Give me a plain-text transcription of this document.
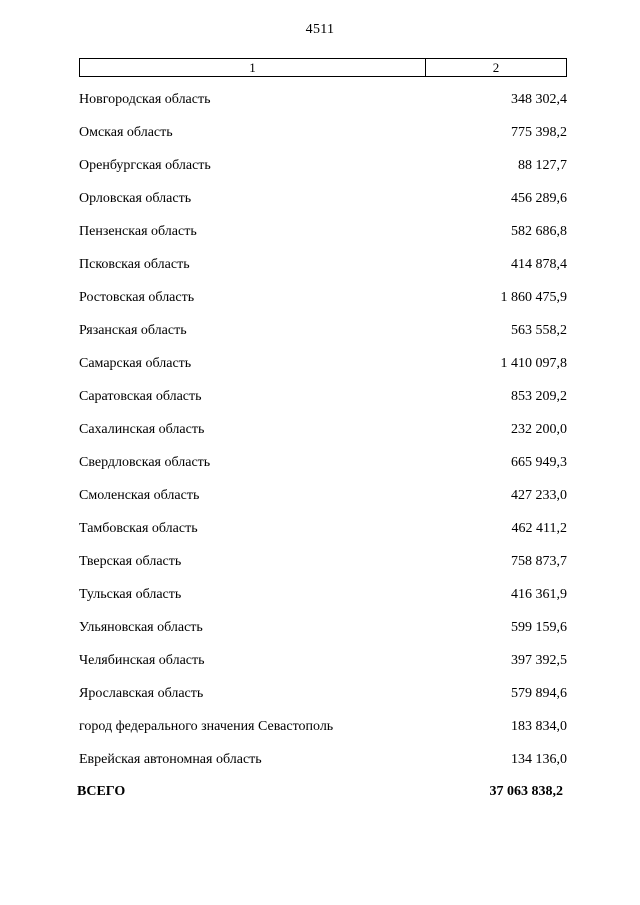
4511
1	2
Новгородская область	348 302,4
Омская область	775 398,2
Оренбургская область	88 127,7
Орловская область	456 289,6
Пензенская область	582 686,8
Псковская область	414 878,4
Ростовская область	1 860 475,9
Рязанская область	563 558,2
Самарская область	1 410 097,8
Саратовская область	853 209,2
Сахалинская область	232 200,0
Свердловская область	665 949,3
Смоленская область	427 233,0
Тамбовская область	462 411,2
Тверская область	758 873,7
Тульская область	416 361,9
Ульяновская область	599 159,6
Челябинская область	397 392,5
Ярославская область	579 894,6
город федерального значения Севастополь	183 834,0
Еврейская автономная область	134 136,0
ВСЕГО	37 063 838,2
